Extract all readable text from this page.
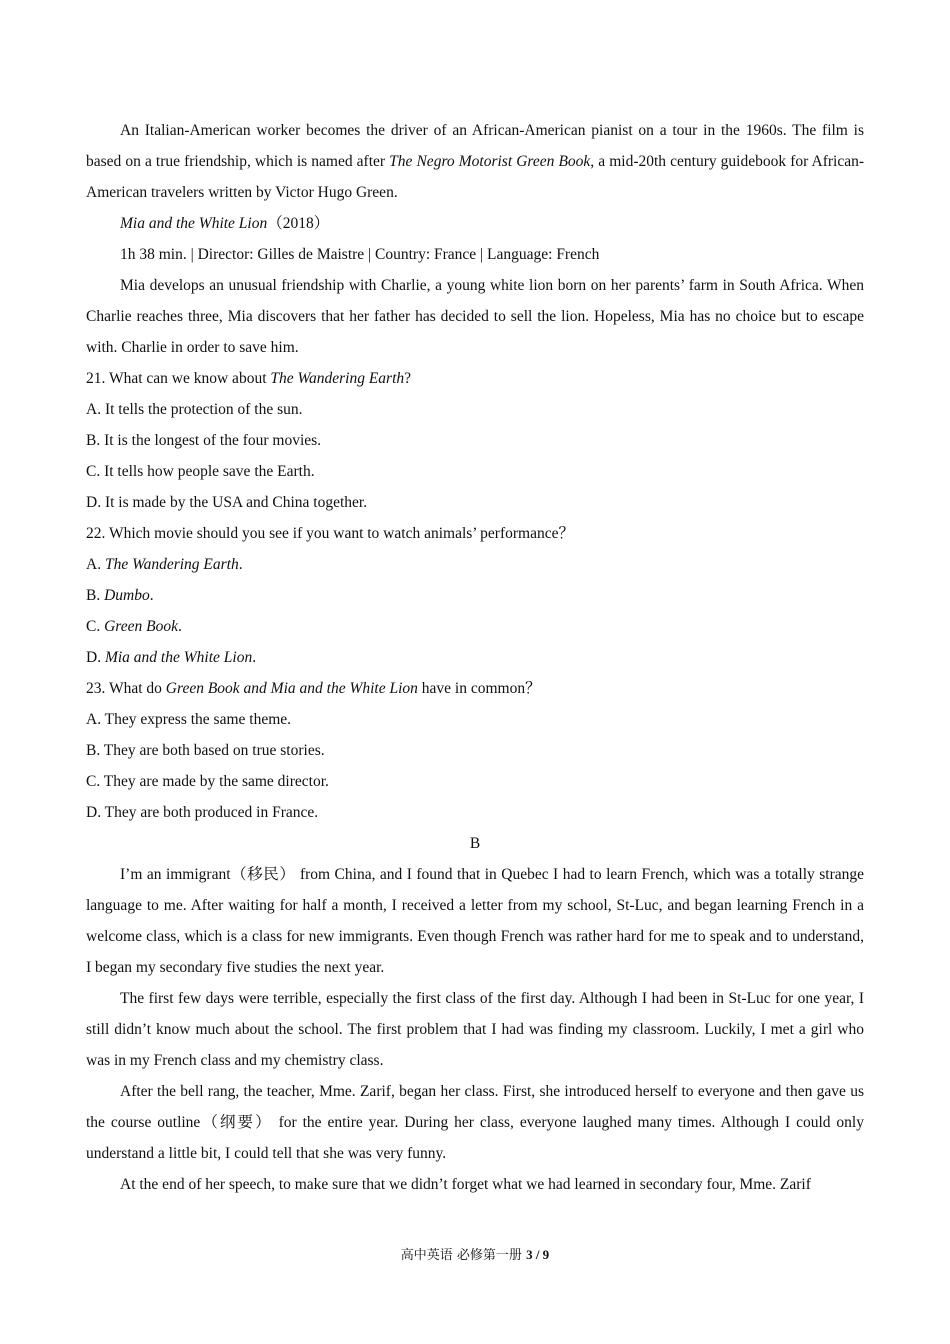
An Italian-American worker becomes the driver of an African-American pianist on a tour in the 1960s. The film is based on a true friendship, which is named after The Negro Motorist Green Book, a mid-20th century guidebook for African-American travelers written by Victor Hugo Green.

Mia and the White Lion（2018）

1h 38 min. | Director: Gilles de Maistre | Country: France | Language: French

Mia develops an unusual friendship with Charlie, a young white lion born on her parents’ farm in South Africa. When Charlie reaches three, Mia discovers that her father has decided to sell the lion. Hopeless, Mia has no choice but to escape with. Charlie in order to save him.

21. What can we know about The Wandering Earth?

A. It tells the protection of the sun.

B. It is the longest of the four movies.

C. It tells how people save the Earth.

D. It is made by the USA and China together.

22. Which movie should you see if you want to watch animals’ performance？

A. The Wandering Earth.

B. Dumbo.

C. Green Book.

D. Mia and the White Lion.

23. What do Green Book and Mia and the White Lion have in common？

A. They express the same theme.

B. They are both based on true stories.

C. They are made by the same director.

D. They are both produced in France.

B

I’m an immigrant（移民） from China, and I found that in Quebec I had to learn French, which was a totally strange language to me. After waiting for half a month, I received a letter from my school, St-Luc, and began learning French in a welcome class, which is a class for new immigrants. Even though French was rather hard for me to speak and to understand, I began my secondary five studies the next year.

The first few days were terrible, especially the first class of the first day. Although I had been in St-Luc for one year, I still didn’t know much about the school. The first problem that I had was finding my classroom. Luckily, I met a girl who was in my French class and my chemistry class.

After the bell rang, the teacher, Mme. Zarif, began her class. First, she introduced herself to everyone and then gave us the course outline（纲要） for the entire year. During her class, everyone laughed many times. Although I could only understand a little bit, I could tell that she was very funny.

At the end of her speech, to make sure that we didn’t forget what we had learned in secondary four, Mme. Zarif

高中英语 必修第一册 3 / 9
